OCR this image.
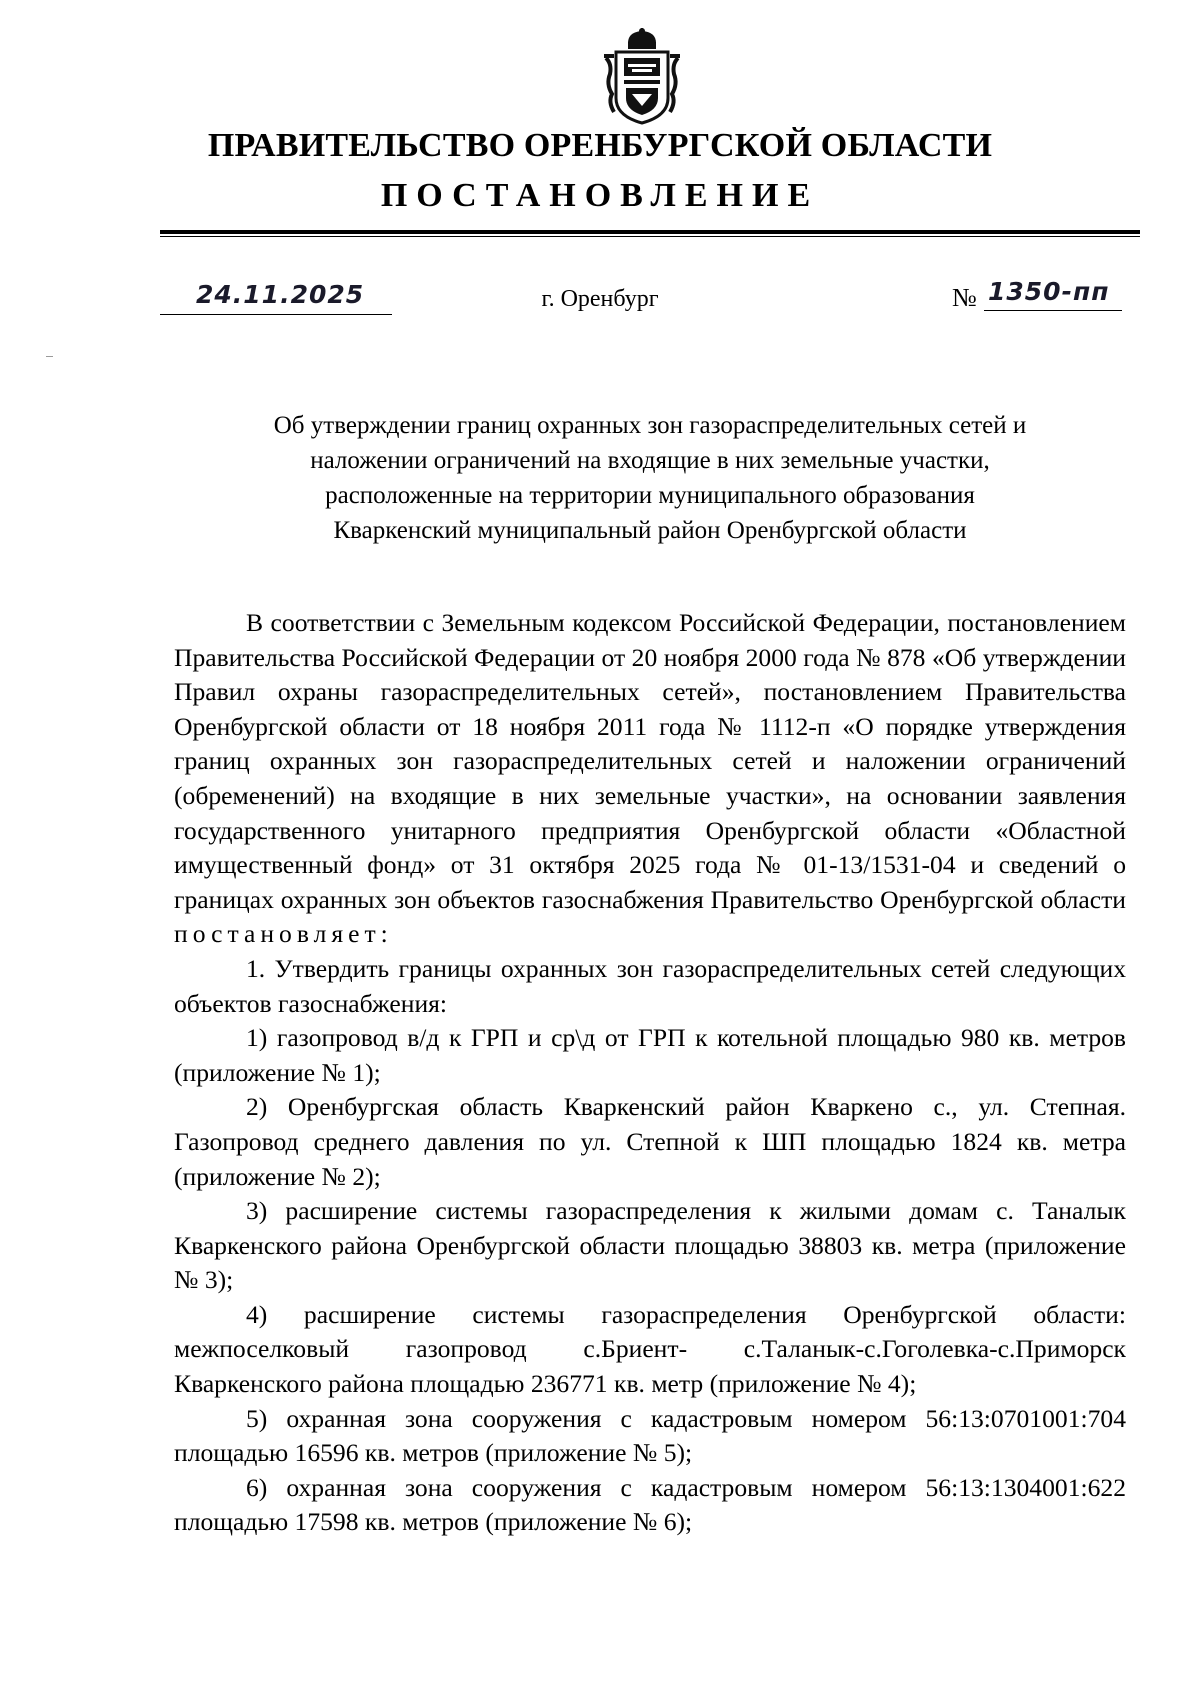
ПРАВИТЕЛЬСТВО ОРЕНБУРГСКОЙ ОБЛАСТИ
ПОСТАНОВЛЕНИЕ
24.11.2025	г. Оренбург	№ 1350-пп
Об утверждении границ охранных зон газораспределительных сетей и
наложении ограничений на входящие в них земельные участки,
расположенные на территории муниципального образования
Кваркенский муниципальный район Оренбургской области

В соответствии с Земельным кодексом Российской Федерации, постановлением Правительства Российской Федерации от 20 ноября 2000 года № 878 «Об утверждении Правил охраны газораспределительных сетей», постановлением Правительства Оренбургской области от 18 ноября 2011 года № 1112-п «О порядке утверждения границ охранных зон газораспределительных сетей и наложении ограничений (обременений) на входящие в них земельные участки», на основании заявления государственного унитарного предприятия Оренбургской области «Областной имущественный фонд» от 31 октября 2025 года № 01-13/1531-04 и сведений о границах охранных зон объектов газоснабжения Правительство Оренбургской области постановляет:

1. Утвердить границы охранных зон газораспределительных сетей следующих объектов газоснабжения:

1) газопровод в/д к ГРП и ср\д от ГРП к котельной площадью 980 кв. метров (приложение № 1);

2) Оренбургская область Кваркенский район Кваркено с., ул. Степная. Газопровод среднего давления по ул. Степной к ШП площадью 1824 кв. метра (приложение № 2);

3) расширение системы газораспределения к жилыми домам с. Таналык Кваркенского района Оренбургской области площадью 38803 кв. метра (приложение № 3);

4) расширение системы газораспределения Оренбургской области: межпоселковый газопровод с.Бриент- с.Таланык-с.Гоголевка-с.Приморск Кваркенского района площадью 236771 кв. метр (приложение № 4);

5) охранная зона сооружения с кадастровым номером 56:13:0701001:704 площадью 16596 кв. метров (приложение № 5);

6) охранная зона сооружения с кадастровым номером 56:13:1304001:622 площадью 17598 кв. метров (приложение № 6);
